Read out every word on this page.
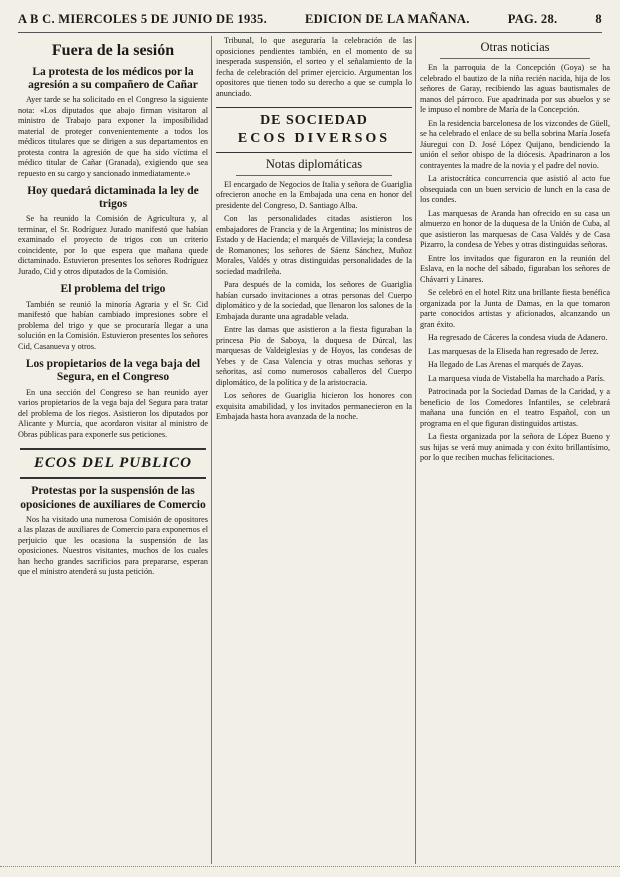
A B C. MIERCOLES 5 DE JUNIO DE 1935.	EDICION DE LA MAÑANA.	PAG. 28.	8
Fuera de la sesión
La protesta de los médicos por la agresión a su compañero de Cañar

Ayer tarde se ha solicitado en el Congreso la siguiente nota: «Los diputados que abajo firman visitaron al ministro de Trabajo para exponer la imposibilidad material de proteger convenientemente a todos los médicos titulares que se dirigen a sus departamentos en protesta contra la agresión de que ha sido víctima el médico titular de Cañar (Granada), exigiendo que sea repuesto en su cargo y sancionado inmediatamente.»

Hoy quedará dictaminada la ley de trigos

Se ha reunido la Comisión de Agricultura y, al terminar, el Sr. Rodríguez Jurado manifestó que habían examinado el proyecto de trigos con un criterio coincidente, por lo que espera que mañana quede dictaminado. Estuvieron presentes los señores Rodríguez Jurado, Cid y otros diputados de la Comisión.

El problema del trigo

También se reunió la minoría Agraria y el Sr. Cid manifestó que habían cambiado impresiones sobre el problema del trigo y que se procuraría llegar a una solución en la Comisión. Estuvieron presentes los señores Cid, Casanueva y otros.

Los propietarios de la vega baja del Segura, en el Congreso

En una sección del Congreso se han reunido ayer varios propietarios de la vega baja del Segura para tratar del problema de los riegos. Asistieron los diputados por Alicante y Murcia, que acordaron visitar al ministro de Obras públicas para exponerle sus peticiones.

ECOS DEL PUBLICO
Protestas por la suspensión de las oposiciones de auxiliares de Comercio

Nos ha visitado una numerosa Comisión de opositores a las plazas de auxiliares de Comercio para exponernos el perjuicio que les ocasiona la suspensión de las oposiciones. Nuestros visitantes, muchos de los cuales han hecho grandes sacrificios para prepararse, esperan que el ministro atenderá su justa petición.

Tribunal, lo que aseguraría la celebración de las oposiciones pendientes también, en el momento de su inesperada suspensión, el sorteo y el señalamiento de la fecha de celebración del primer ejercicio. Argumentan los opositores que tienen todo su derecho a que se cumpla lo anunciado.

DE SOCIEDAD
ECOS DIVERSOS
Notas diplomáticas

El encargado de Negocios de Italia y señora de Guariglia ofrecieron anoche en la Embajada una cena en honor del presidente del Congreso, D. Santiago Alba.

Con las personalidades citadas asistieron los embajadores de Francia y de la Argentina; los ministros de Estado y de Hacienda; el marqués de Villavieja; la condesa de Romanones; los señores de Sáenz Sánchez, Muñoz Morales, Valdés y otras distinguidas personalidades de la sociedad madrileña.

Para después de la comida, los señores de Guariglia habían cursado invitaciones a otras personas del Cuerpo diplomático y de la sociedad, que llenaron los salones de la Embajada durante una agradable velada.

Entre las damas que asistieron a la fiesta figuraban la princesa Pío de Saboya, la duquesa de Dúrcal, las marquesas de Valdeiglesias y de Hoyos, las condesas de Yebes y de Casa Valencia y otras muchas señoras y señoritas, así como numerosos caballeros del Cuerpo diplomático, de la política y de la aristocracia.

Los señores de Guariglia hicieron los honores con exquisita amabilidad, y los invitados permanecieron en la Embajada hasta hora avanzada de la noche.

Otras noticias

En la parroquia de la Concepción (Goya) se ha celebrado el bautizo de la niña recién nacida, hija de los señores de Garay, recibiendo las aguas bautismales de manos del párroco. Fue apadrinada por sus abuelos y se le impuso el nombre de María de la Concepción.

En la residencia barcelonesa de los vizcondes de Güell, se ha celebrado el enlace de su bella sobrina María Josefa Jáuregui con D. José López Quijano, bendiciendo la unión el señor obispo de la diócesis. Apadrinaron a los contrayentes la madre de la novia y el padre del novio.

La aristocrática concurrencia que asistió al acto fue obsequiada con un buen servicio de lunch en la casa de los condes.

Las marquesas de Aranda han ofrecido en su casa un almuerzo en honor de la duquesa de la Unión de Cuba, al que asistieron las marquesas de Casa Valdés y de Casa Pizarro, la condesa de Yebes y otras distinguidas señoras.

Entre los invitados que figuraron en la reunión del Eslava, en la noche del sábado, figuraban los señores de Chávarri y Linares.

Se celebró en el hotel Ritz una brillante fiesta benéfica organizada por la Junta de Damas, en la que tomaron parte conocidos artistas y aficionados, alcanzando un gran éxito.

Ha regresado de Cáceres la condesa viuda de Adanero.

Las marquesas de la Eliseda han regresado de Jerez.

Ha llegado de Las Arenas el marqués de Zayas.

La marquesa viuda de Vistabella ha marchado a París.

Patrocinada por la Sociedad Damas de la Caridad, y a beneficio de los Comedores Infantiles, se celebrará mañana una función en el teatro Español, con un programa en el que figuran distinguidos artistas.

La fiesta organizada por la señora de López Bueno y sus hijas se verá muy animada y con éxito brillantísimo, por lo que reciben muchas felicitaciones.
